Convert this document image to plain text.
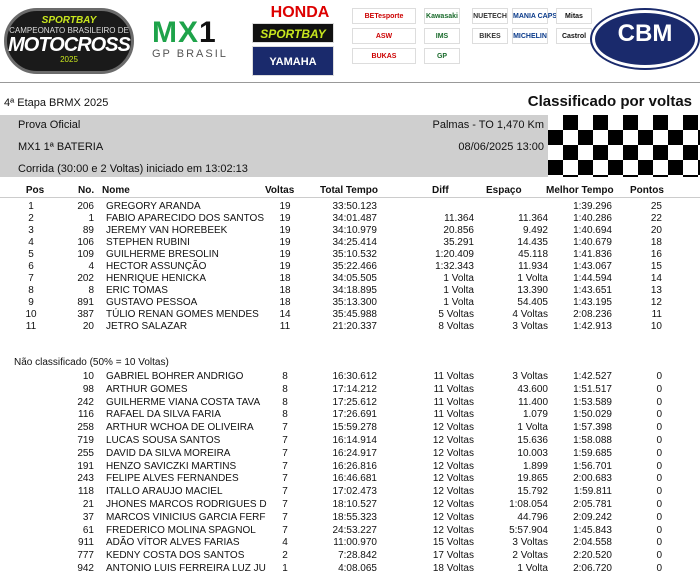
SPORTBAY
CAMPEONATO BRASILEIRO DE
MOTOCROSS
2025
MX1
GP BRASIL
HONDA
SPORTBAY
YAMAHA
BETesporte	Kawasaki NUETECH MANIA CAPS	Mitas
ASW	IMS	BIKES	MICHELIN	Castrol
BUKAS	GP
CBM
4ª Etapa BRMX 2025	Classificado por voltas
Prova Oficial	Palmas - TO 1,470 Km
MX1 1ª BATERIA	08/06/2025 13:00
Corrida (30:00 e 2 Voltas) iniciado em 13:02:13
Pos	No. Nome	Voltas	Total Tempo	Diff	Espaço Melhor Tempo Pontos
1	206 GREGORY ARANDA	19	33:50.123	1:39.296	25
2	1 FABIO APARECIDO DOS SANTOS	19	34:01.487	11.364	11.364	1:40.286	22
3	89 JEREMY VAN HOREBEEK	19	34:10.979	20.856	9.492	1:40.694	20
4	106 STEPHEN RUBINI	19	34:25.414	35.291	14.435	1:40.679	18
5	109 GUILHERME BRESOLIN	19	35:10.532	1:20.409	45.118	1:41.836	16
6	4 HECTOR ASSUNÇÃO	19	35:22.466	1:32.343	11.934	1:43.067	15
7	202 HENRIQUE HENICKA	18	34:05.505	1 Volta	1 Volta	1:44.594	14
8	8 ERIC TOMAS	18	34:18.895	1 Volta	13.390	1:43.651	13
9	891 GUSTAVO PESSOA	18	35:13.300	1 Volta	54.405	1:43.195	12
10	387 TÚLIO RENAN GOMES MENDES	14	35:45.988	5 Voltas	4 Voltas	2:08.236	11
11	20 JETRO SALAZAR	11	21:20.337	8 Voltas	3 Voltas	1:42.913	10
Não classificado (50% = 10 Voltas)
10 GABRIEL BOHRER ANDRIGO	8	16:30.612	11 Voltas	3 Voltas	1:42.527	0
98 ARTHUR GOMES	8	17:14.212	11 Voltas	43.600	1:51.517	0
242 GUILHERME VIANA COSTA TAVA	8	17:25.612	11 Voltas	11.400	1:53.589	0
116 RAFAEL DA SILVA FARIA	8	17:26.691	11 Voltas	1.079	1:50.029	0
258 ARTHUR WCHOA DE OLIVEIRA	7	15:59.278	12 Voltas	1 Volta	1:57.398	0
719 LUCAS SOUSA SANTOS	7	16:14.914	12 Voltas	15.636	1:58.088	0
255 DAVID DA SILVA MOREIRA	7	16:24.917	12 Voltas	10.003	1:59.685	0
191 HENZO SAVICZKI MARTINS	7	16:26.816	12 Voltas	1.899	1:56.701	0
243 FELIPE ALVES FERNANDES	7	16:46.681	12 Voltas	19.865	2:00.683	0
118 ITALLO ARAUJO MACIEL	7	17:02.473	12 Voltas	15.792	1:59.811	0
21 JHONES MARCOS RODRIGUES D	7	18:10.527	12 Voltas	1:08.054	2:05.781	0
37 MARCOS VINICIUS GARCIA FERF	7	18:55.323	12 Voltas	44.796	2:09.242	0
61 FREDERICO MOLINA SPAGNOL	7	24:53.227	12 Voltas	5:57.904	1:45.843	0
911 ADÃO VÍTOR ALVES FARIAS	4	11:00.970	15 Voltas	3 Voltas	2:04.558	0
777 KEDNY COSTA DOS SANTOS	2	7:28.842	17 Voltas	2 Voltas	2:20.520	0
942 ANTONIO LUIS FERREIRA LUZ JU	1	4:08.065	18 Voltas	1 Volta	2:06.720	0
